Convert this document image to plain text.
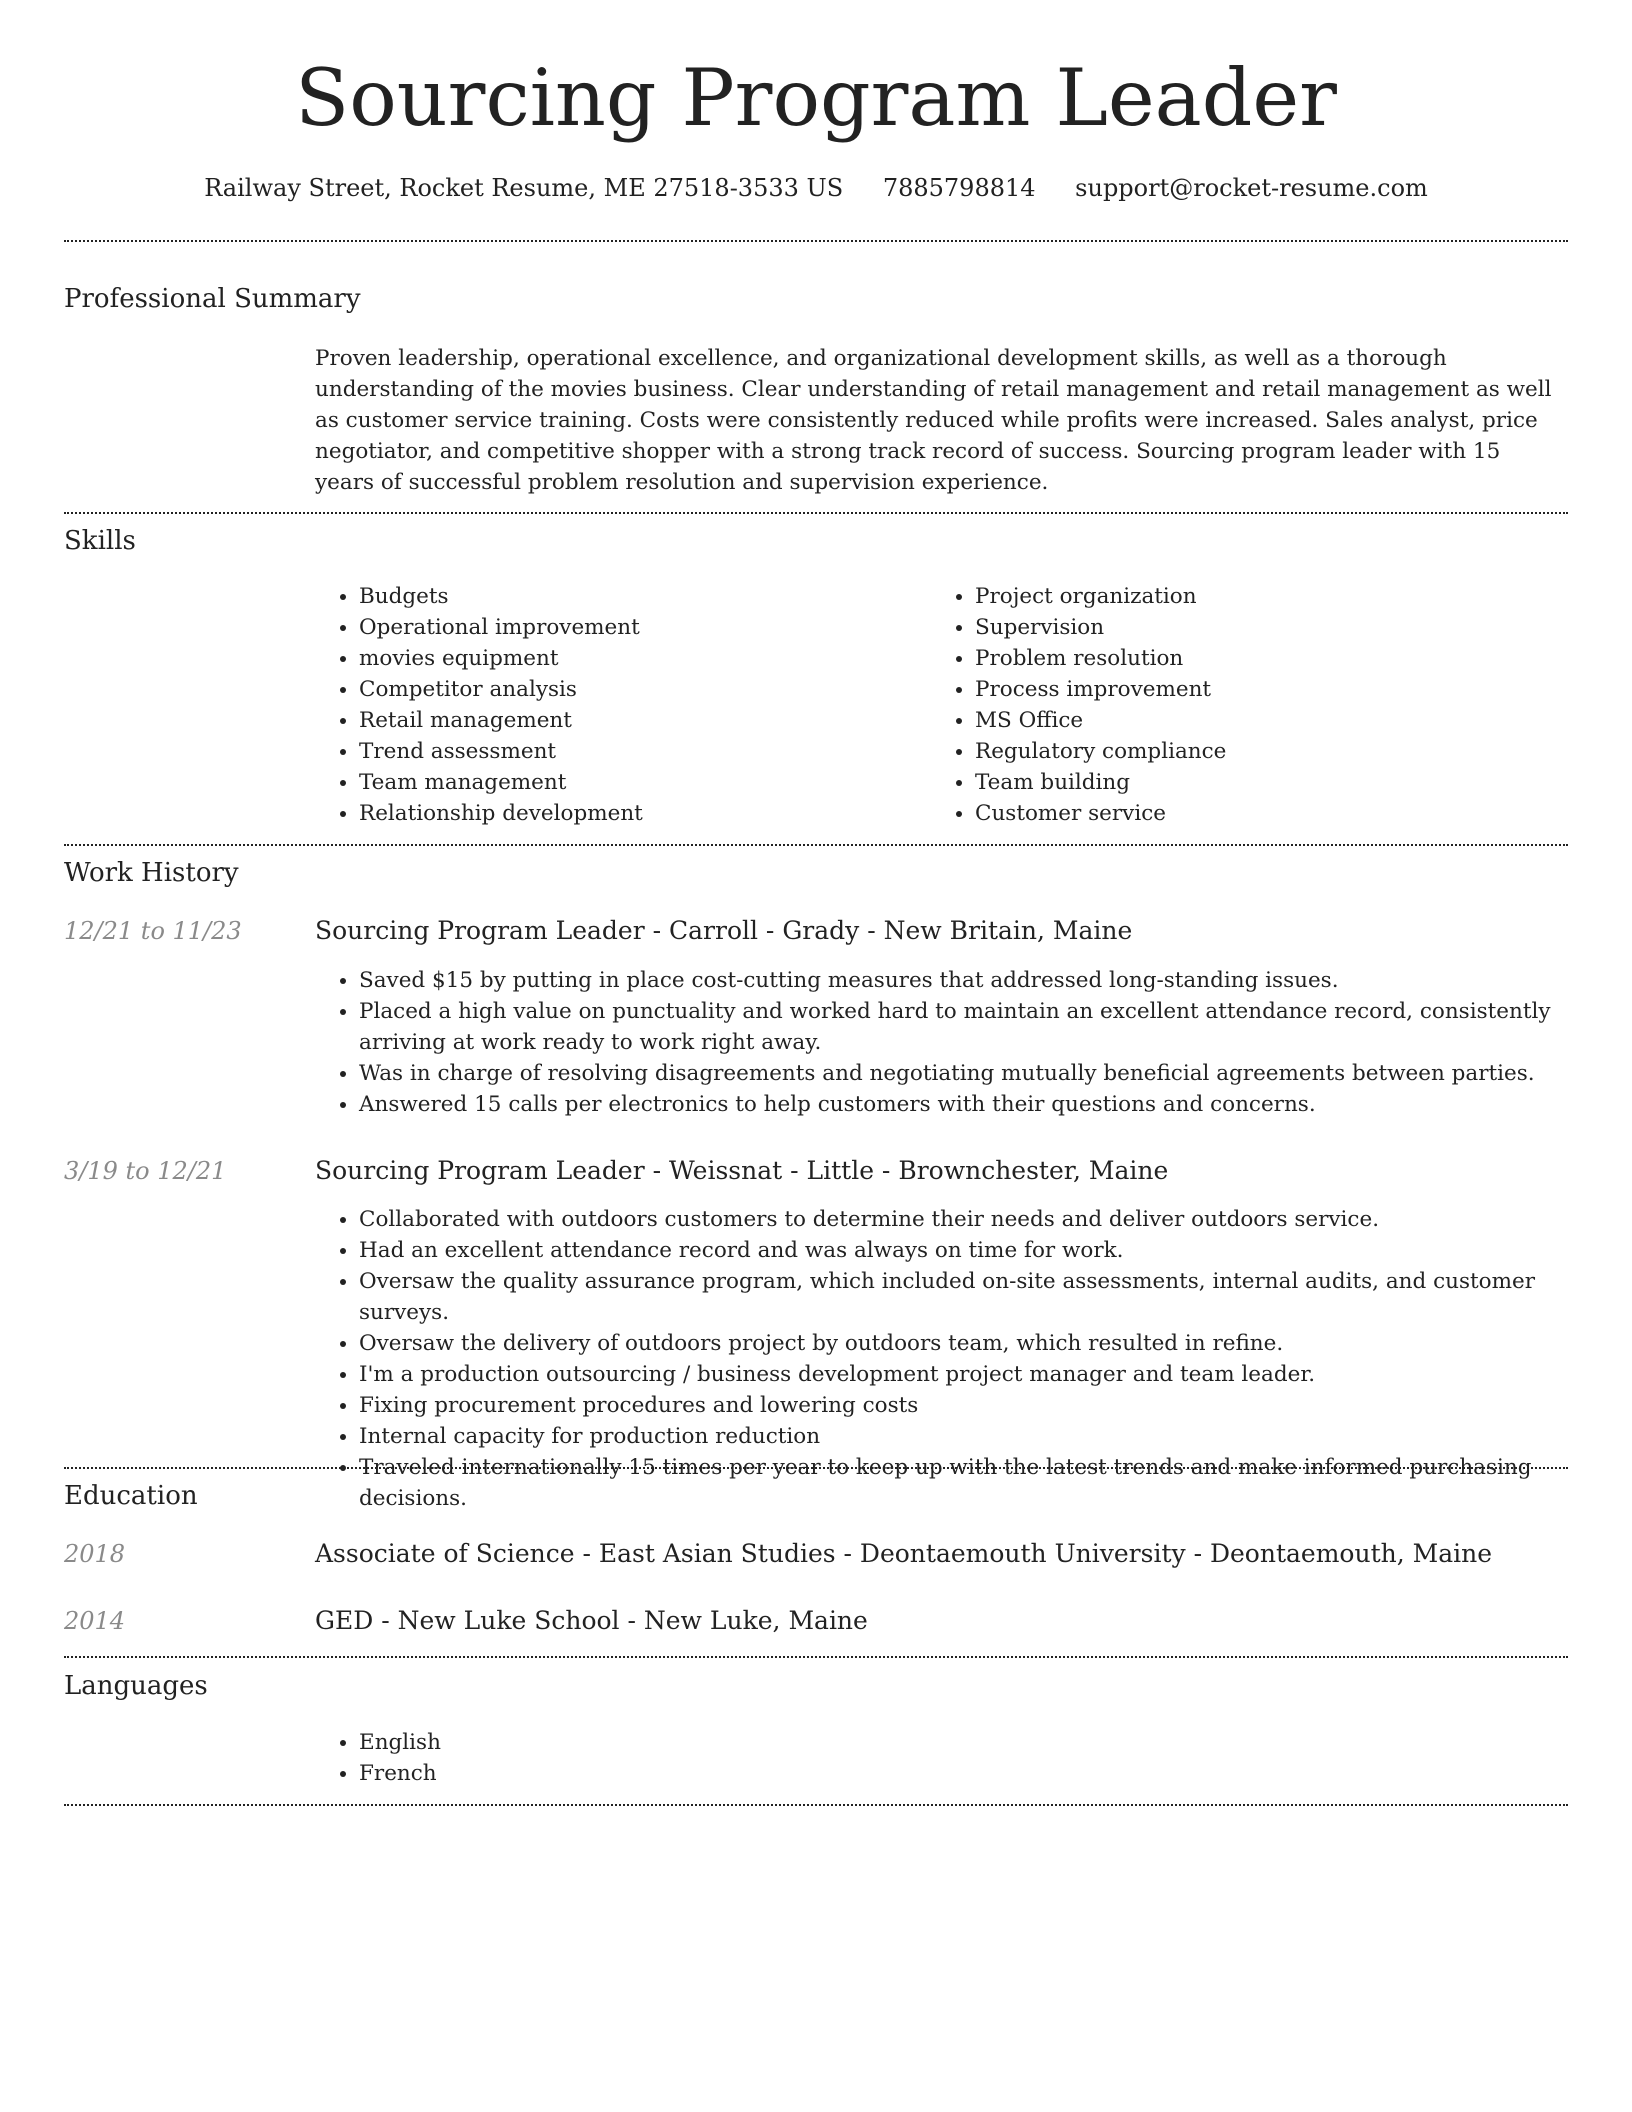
Sourcing Program Leader
Railway Street, Rocket Resume, ME 27518-3533 US 7885798814 support@rocket-resume.com
Professional Summary

Proven leadership, operational excellence, and organizational development skills, as well as a thorough understanding of the movies business. Clear understanding of retail management and retail management as well as customer service training. Costs were consistently reduced while profits were increased. Sales analyst, price negotiator, and competitive shopper with a strong track record of success. Sourcing program leader with 15 years of successful problem resolution and supervision experience.

Skills
• Budgets
• Operational improvement
• movies equipment
• Competitor analysis
• Retail management
• Trend assessment
• Team management
• Relationship development
• Project organization
• Supervision
• Problem resolution
• Process improvement
• MS Office
• Regulatory compliance
• Team building
• Customer service
Work History
12/21 to 11/23	Sourcing Program Leader - Carroll - Grady - New Britain, Maine
• Saved $15 by putting in place cost-cutting measures that addressed long-standing issues.
• Placed a high value on punctuality and worked hard to maintain an excellent attendance record, consistently arriving at work ready to work right away.
• Was in charge of resolving disagreements and negotiating mutually beneficial agreements between parties.
• Answered 15 calls per electronics to help customers with their questions and concerns.
3/19 to 12/21	Sourcing Program Leader - Weissnat - Little - Brownchester, Maine
• Collaborated with outdoors customers to determine their needs and deliver outdoors service.
• Had an excellent attendance record and was always on time for work.
• Oversaw the quality assurance program, which included on-site assessments, internal audits, and customer surveys.
• Oversaw the delivery of outdoors project by outdoors team, which resulted in refine.
• I'm a production outsourcing / business development project manager and team leader.
• Fixing procurement procedures and lowering costs
• Internal capacity for production reduction
• Traveled internationally 15 times per year to keep up with the latest trends and make informed purchasing decisions.
Education
2018	Associate of Science - East Asian Studies - Deontaemouth University - Deontaemouth, Maine
2014	GED - New Luke School - New Luke, Maine
Languages
• English
• French
